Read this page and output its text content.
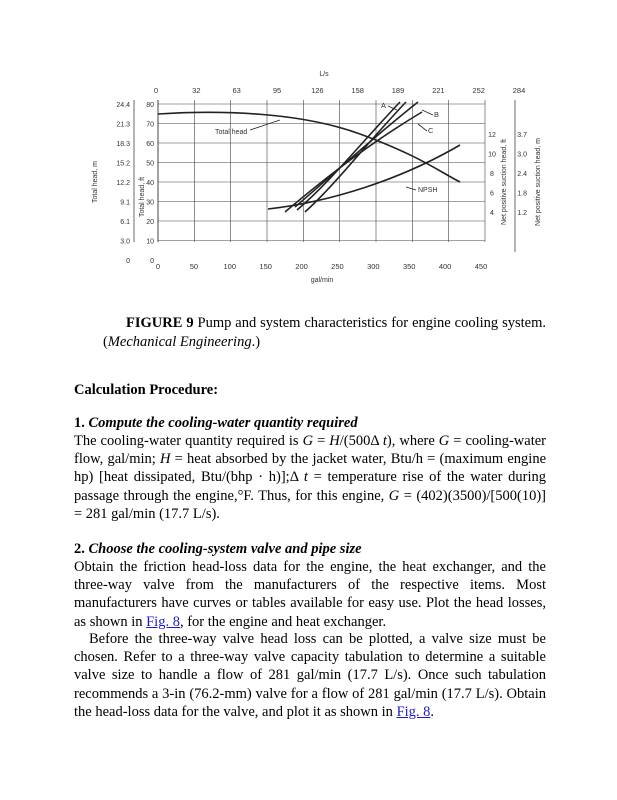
L/s
0	32	63	95	126	158	189	221	252	284
24.4 80
21.3 70
18.3 60
15.2 50
12.2 40
9.1 30
6.1 20
3.0 10
0	0
Total head, m	Total head, ft
12	3.7
10	3.0
8	2.4
6	1.8
4	1.2
Net positive suction head, ft	Net positive suction head, m
Total head
NPSH
A
B
C
0	50	100	150	200	250	300	350	400	450
gal/min
FIGURE 9 Pump and system characteristics for engine cooling system. (Mechanical Engineering.)

Calculation Procedure:

1. Compute the cooling-water quantity required

The cooling-water quantity required is G = H/(500Δ t), where G = cooling-water flow, gal/min; H = heat absorbed by the jacket water, Btu/h = (maximum engine hp) [heat dissipated, Btu/(bhp · h)];Δ t = temperature rise of the water during passage through the engine,°F. Thus, for this engine, G = (402)(3500)/[500(10)] = 281 gal/min (17.7 L/s).

2. Choose the cooling-system valve and pipe size

Obtain the friction head-loss data for the engine, the heat exchanger, and the three-way valve from the manufacturers of the respective items. Most manufacturers have curves or tables available for easy use. Plot the head losses, as shown in Fig. 8, for the engine and heat exchanger.

Before the three-way valve head loss can be plotted, a valve size must be chosen. Refer to a three-way valve capacity tabulation to determine a suitable valve size to handle a flow of 281 gal/min (17.7 L/s). Once such tabulation recommends a 3-in (76.2-mm) valve for a flow of 281 gal/min (17.7 L/s). Obtain the head-loss data for the valve, and plot it as shown in Fig. 8.
